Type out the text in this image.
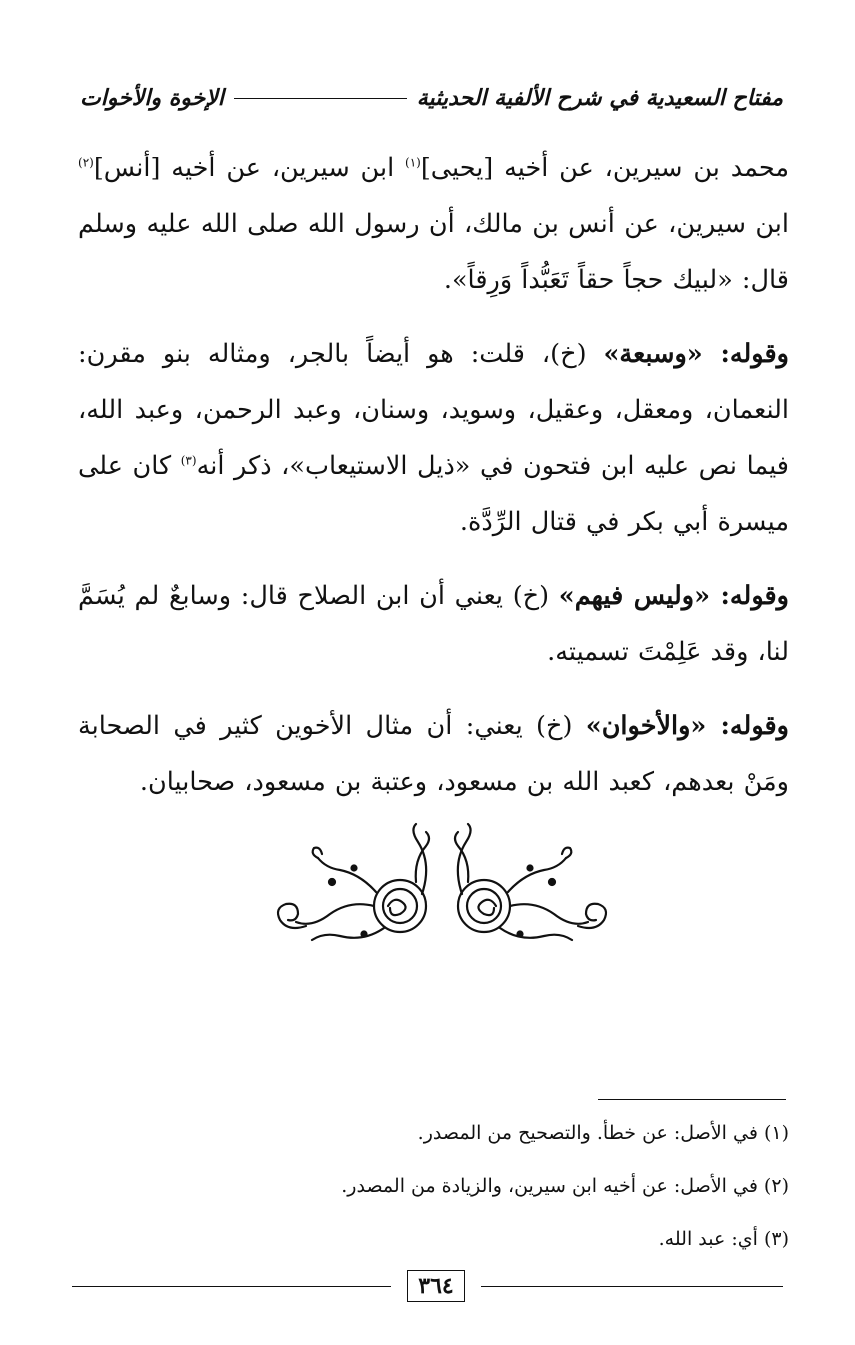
مفتاح السعيدية في شرح الألفية الحديثية
الإخوة والأخوات

محمد بن سيرين، عن أخيه [يحيى]$^{(١)}$ ابن سيرين، عن أخيه [أنس]$^{(٢)}$ ابن سيرين، عن أنس بن مالك، أن رسول الله صلى الله عليه وسلم قال: «لبيك حجاً حقاً تَعَبُّداً وَرِقاً».

وقوله: «وسبعة» (خ)، قلت: هو أيضاً بالجر، ومثاله بنو مقرن: النعمان، ومعقل، وعقيل، وسويد، وسنان، وعبد الرحمن، وعبد الله، فيما نص عليه ابن فتحون في «ذيل الاستيعاب»، ذكر أنه$^{(٣)}$ كان على ميسرة أبي بكر في قتال الرِّدَّة.

وقوله: «وليس فيهم» (خ) يعني أن ابن الصلاح قال: وسابعٌ لم يُسَمَّ لنا، وقد عَلِمْتَ تسميته.

وقوله: «والأخوان» (خ) يعني: أن مثال الأخوين كثير في الصحابة ومَنْ بعدهم، كعبد الله بن مسعود، وعتبة بن مسعود، صحابيان.

(١) في الأصل: عن خطأ. والتصحيح من المصدر.

(٢) في الأصل: عن أخيه ابن سيرين، والزيادة من المصدر.

(٣) أي: عبد الله.

٣٦٤
